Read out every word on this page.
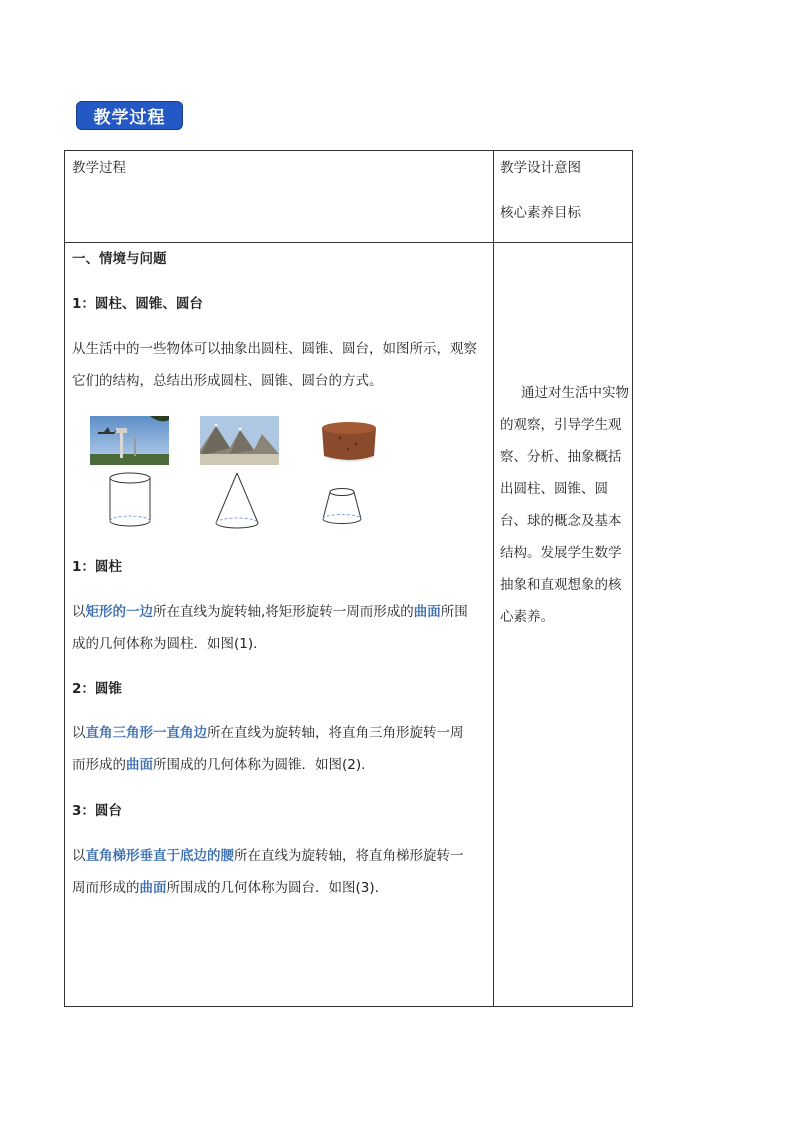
教学过程
教学过程	教学设计意图
核心素养目标
一、情境与问题
1：圆柱、圆锥、圆台
从生活中的一些物体可以抽象出圆柱、圆锥、圆台，如图所示，观察
它们的结构，总结出形成圆柱、圆锥、圆台的方式。
1：圆柱
以矩形的一边所在直线为旋转轴,将矩形旋转一周而形成的曲面所围
成的几何体称为圆柱．如图(1).
2：圆锥
以直角三角形一直角边所在直线为旋转轴，将直角三角形旋转一周
而形成的曲面所围成的几何体称为圆锥．如图(2).
3：圆台
以直角梯形垂直于底边的腰所在直线为旋转轴，将直角梯形旋转一
周而形成的曲面所围成的几何体称为圆台．如图(3).
通过对生活中实物的观察，引导学生观察、分析、抽象概括出圆柱、圆锥、圆台、球的概念及基本结构。发展学生数学抽象和直观想象的核心素养。
